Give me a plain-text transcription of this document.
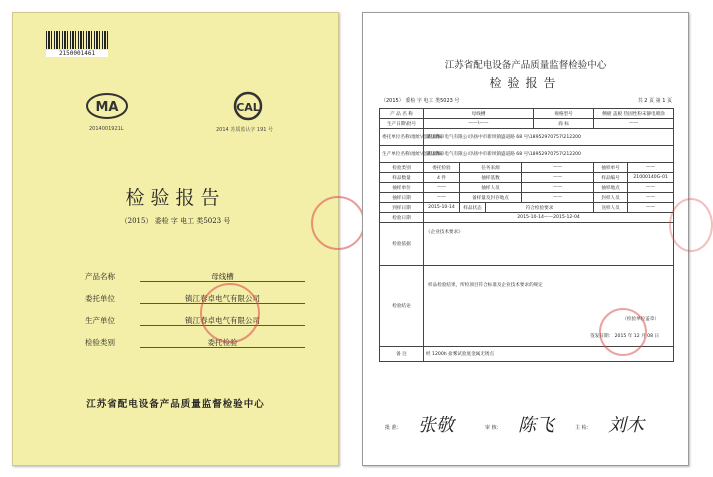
2150001461
MA
2014001921L
CAL
2014 苏质监认字 191 号
检验报告
（2015） 委检 字 电工 类5023 号
产品名称	母线槽
委托单位	镇江春卓电气有限公司
生产单位	镇江春卓电气有限公司
检验类别	委托检验
江苏省配电设备产品质量监督检验中心
江苏省配电设备产品质量监督检验中心
检验报告
（2015） 委检 字 电工 类5023 号	共 2 页 第 1 页
产 品 名 称	母线槽				规格型号	侧板 盖板 热固性粉末静电喷涂	
生产日期\批号	——\——				商 标	——	
委托单位名称\地址\电话\邮编	镇江春卓电气有限公司\扬中市新坝镇盛道路 68 号\18952970757\212200						
生产单位名称\地址\电话\邮编	镇江春卓电气有限公司\扬中市新坝镇盛道路 68 号\18952970757\212200						
检验类别	委托检验	任务来源		——		抽样单号	——
样品数量	4 件	抽样基数		——		样品编号	21000140G-01
抽样单位	——	抽样人员		——		抽样地点	——
抽样日期	——	备样量及封存地点		——		封样人员	——
到样日期	2015-10-14	样品状态	符合检验要求			送样人员	——
检验日期	2015-10-14——2015-12-04						
检验依据	《企业技术要求》						
检验结论	样品检验结果，所检项目符合标准及企业技术要求的规定
（检验单位盖章）
签发日期： 2015 年 12 月 08 日						

备 注	经 1200h 盐雾试验底金属无锈点						
批 准： 张敬	审 核： 陈飞	主 检： 刘木
